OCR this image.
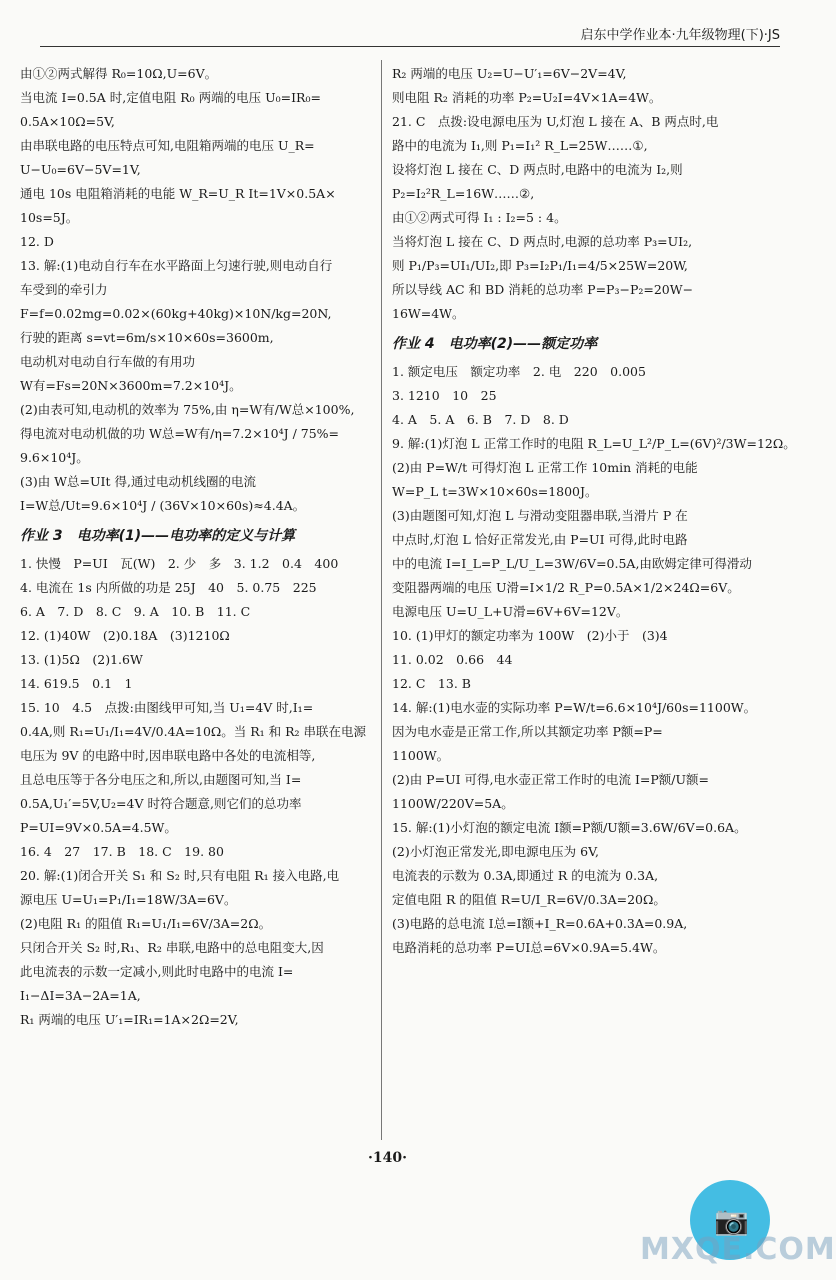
启东中学作业本·九年级物理(下)·JS
由①②两式解得 R₀=10Ω,U=6V。
当电流 I=0.5A 时,定值电阻 R₀ 两端的电压 U₀=IR₀=
0.5A×10Ω=5V,
由串联电路的电压特点可知,电阻箱两端的电压 U_R=
U−U₀=6V−5V=1V,
通电 10s 电阻箱消耗的电能 W_R=U_R It=1V×0.5A×
10s=5J。
12. D
13. 解:(1)电动自行车在水平路面上匀速行驶,则电动自行
车受到的牵引力
F=f=0.02mg=0.02×(60kg+40kg)×10N/kg=20N,
行驶的距离 s=vt=6m/s×10×60s=3600m,
电动机对电动自行车做的有用功
W有=Fs=20N×3600m=7.2×10⁴J。
(2)由表可知,电动机的效率为 75%,由 η=W有/W总×100%,
得电流对电动机做的功 W总=W有/η=7.2×10⁴J / 75%=
9.6×10⁴J。
(3)由 W总=UIt 得,通过电动机线圈的电流
I=W总/Ut=9.6×10⁴J / (36V×10×60s)≈4.4A。
作业 3　电功率(1)——电功率的定义与计算
1. 快慢　P=UI　瓦(W)　2. 少　多　3. 1.2　0.4　400
4. 电流在 1s 内所做的功是 25J　40　5. 0.75　225
6. A　7. D　8. C　9. A　10. B　11. C
12. (1)40W　(2)0.18A　(3)1210Ω
13. (1)5Ω　(2)1.6W
14. 619.5　0.1　1
15. 10　4.5　点拨:由图线甲可知,当 U₁=4V 时,I₁=
0.4A,则 R₁=U₁/I₁=4V/0.4A=10Ω。当 R₁ 和 R₂ 串联在电源
电压为 9V 的电路中时,因串联电路中各处的电流相等,
且总电压等于各分电压之和,所以,由题图可知,当 I=
0.5A,U₁′=5V,U₂=4V 时符合题意,则它们的总功率
P=UI=9V×0.5A=4.5W。
16. 4　27　17. B　18. C　19. 80
20. 解:(1)闭合开关 S₁ 和 S₂ 时,只有电阻 R₁ 接入电路,电
源电压 U=U₁=P₁/I₁=18W/3A=6V。
(2)电阻 R₁ 的阻值 R₁=U₁/I₁=6V/3A=2Ω。
只闭合开关 S₂ 时,R₁、R₂ 串联,电路中的总电阻变大,因
此电流表的示数一定减小,则此时电路中的电流 I=
I₁−ΔI=3A−2A=1A,
R₁ 两端的电压 U′₁=IR₁=1A×2Ω=2V,
R₂ 两端的电压 U₂=U−U′₁=6V−2V=4V,
则电阻 R₂ 消耗的功率 P₂=U₂I=4V×1A=4W。
21. C　点拨:设电源电压为 U,灯泡 L 接在 A、B 两点时,电
路中的电流为 I₁,则 P₁=I₁² R_L=25W……①,
设将灯泡 L 接在 C、D 两点时,电路中的电流为 I₂,则
P₂=I₂²R_L=16W……②,
由①②两式可得 I₁ : I₂=5 : 4。
当将灯泡 L 接在 C、D 两点时,电源的总功率 P₃=UI₂,
则 P₁/P₃=UI₁/UI₂,即 P₃=I₂P₁/I₁=4/5×25W=20W,
所以导线 AC 和 BD 消耗的总功率 P=P₃−P₂=20W−
16W=4W。
作业 4　电功率(2)——额定功率
1. 额定电压　额定功率　2. 电　220　0.005
3. 1210　10　25
4. A　5. A　6. B　7. D　8. D
9. 解:(1)灯泡 L 正常工作时的电阻 R_L=U_L²/P_L=(6V)²/3W=12Ω。
(2)由 P=W/t 可得灯泡 L 正常工作 10min 消耗的电能
W=P_L t=3W×10×60s=1800J。
(3)由题图可知,灯泡 L 与滑动变阻器串联,当滑片 P 在
中点时,灯泡 L 恰好正常发光,由 P=UI 可得,此时电路
中的电流 I=I_L=P_L/U_L=3W/6V=0.5A,由欧姆定律可得滑动
变阻器两端的电压 U滑=I×1/2 R_P=0.5A×1/2×24Ω=6V。
电源电压 U=U_L+U滑=6V+6V=12V。
10. (1)甲灯的额定功率为 100W　(2)小于　(3)4
11. 0.02　0.66　44
12. C　13. B
14. 解:(1)电水壶的实际功率 P=W/t=6.6×10⁴J/60s=1100W。
因为电水壶是正常工作,所以其额定功率 P额=P=
1100W。
(2)由 P=UI 可得,电水壶正常工作时的电流 I=P额/U额=
1100W/220V=5A。
15. 解:(1)小灯泡的额定电流 I额=P额/U额=3.6W/6V=0.6A。
(2)小灯泡正常发光,即电源电压为 6V,
电流表的示数为 0.3A,即通过 R 的电流为 0.3A,
定值电阻 R 的阻值 R=U/I_R=6V/0.3A=20Ω。
(3)电路的总电流 I总=I额+I_R=0.6A+0.3A=0.9A,
电路消耗的总功率 P=UI总=6V×0.9A=5.4W。
·140·
📷
MXQE.COM
